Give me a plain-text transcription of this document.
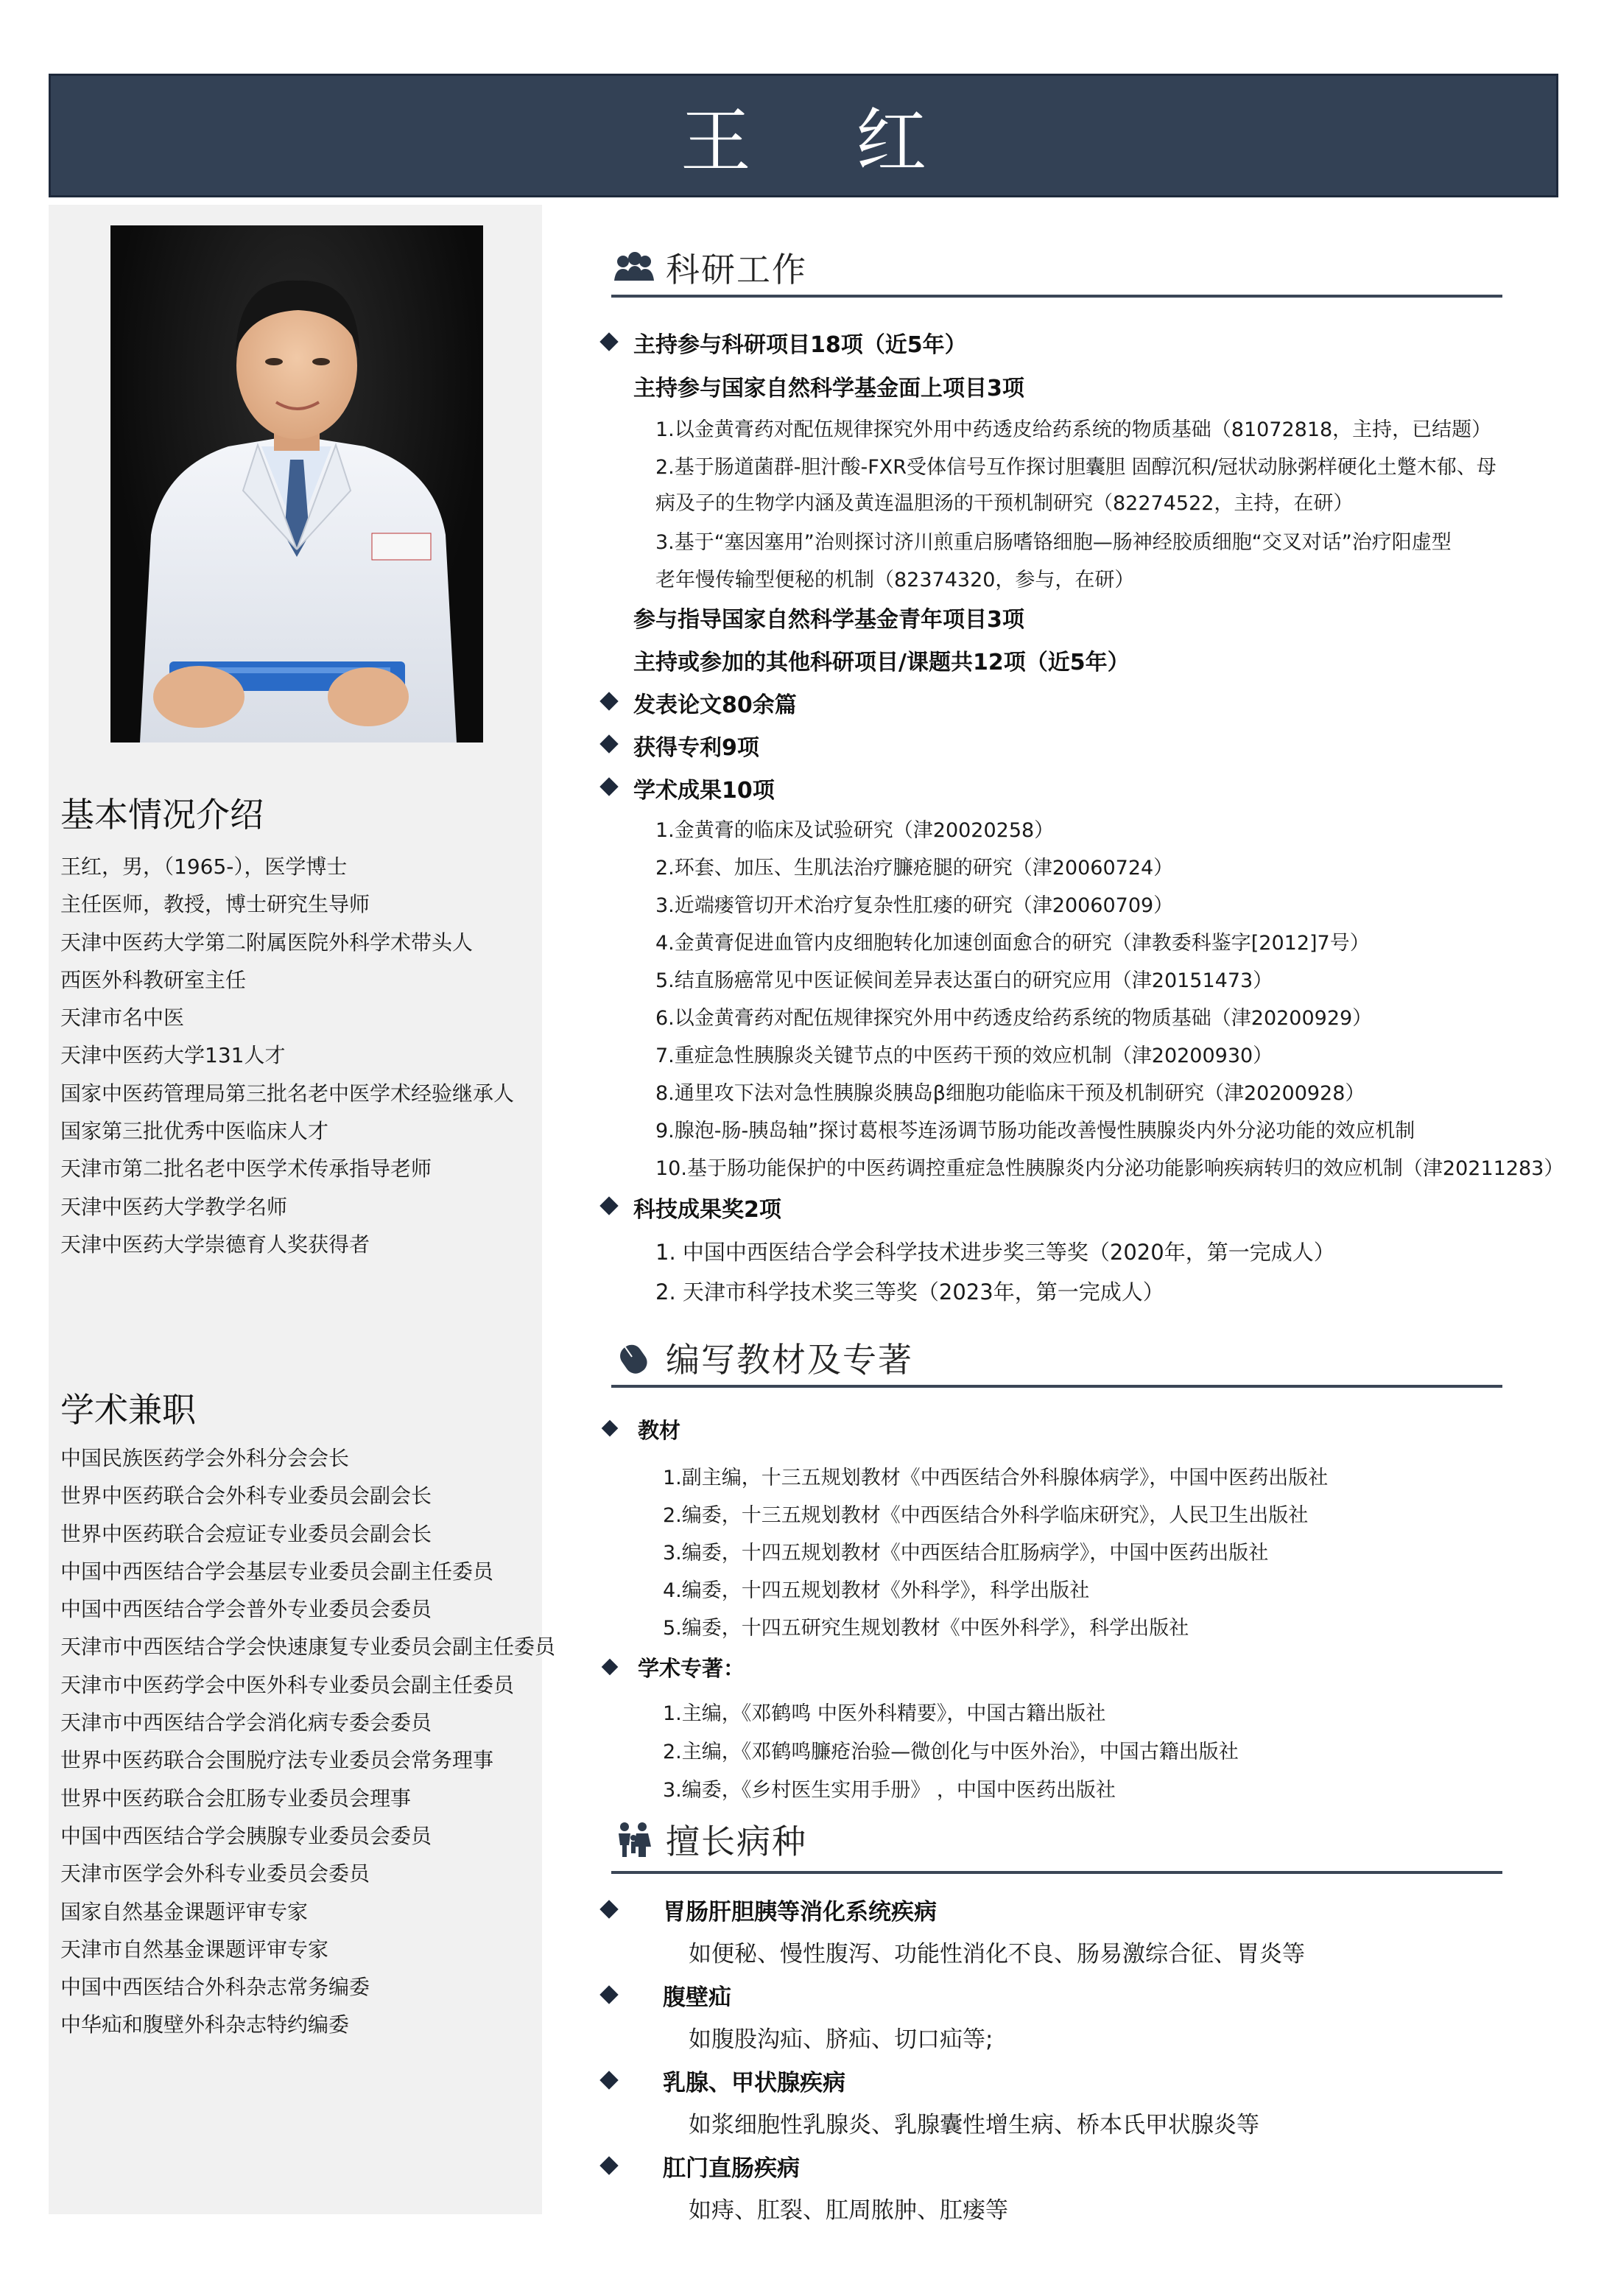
王 红
基本情况介绍
王红，男，（1965-），医学博士
主任医师，教授，博士研究生导师
天津中医药大学第二附属医院外科学术带头人
西医外科教研室主任
天津市名中医
天津中医药大学131人才
国家中医药管理局第三批名老中医学术经验继承人
国家第三批优秀中医临床人才
天津市第二批名老中医学术传承指导老师
天津中医药大学教学名师
天津中医药大学崇德育人奖获得者
学术兼职
中国民族医药学会外科分会会长
世界中医药联合会外科专业委员会副会长
世界中医药联合会痘证专业委员会副会长
中国中西医结合学会基层专业委员会副主任委员
中国中西医结合学会普外专业委员会委员
天津市中西医结合学会快速康复专业委员会副主任委员
天津市中医药学会中医外科专业委员会副主任委员
天津市中西医结合学会消化病专委会委员
世界中医药联合会围脱疗法专业委员会常务理事
世界中医药联合会肛肠专业委员会理事
中国中西医结合学会胰腺专业委员会委员
天津市医学会外科专业委员会委员
国家自然基金课题评审专家
天津市自然基金课题评审专家
中国中西医结合外科杂志常务编委
中华疝和腹壁外科杂志特约编委
科研工作
主持参与科研项目18项（近5年）
主持参与国家自然科学基金面上项目3项
1.以金黄膏药对配伍规律探究外用中药透皮给药系统的物质基础（81072818，主持，已结题）
2.基于肠道菌群-胆汁酸-FXR受体信号互作探讨胆囊胆 固醇沉积/冠状动脉粥样硬化土蹩木郁、母
病及子的生物学内涵及黄连温胆汤的干预机制研究（82274522，主持，在研）
3.基于“塞因塞用”治则探讨济川煎重启肠嗜铬细胞—肠神经胶质细胞“交叉对话”治疗阳虚型
老年慢传输型便秘的机制（82374320，参与，在研）
参与指导国家自然科学基金青年项目3项
主持或参加的其他科研项目/课题共12项（近5年）
发表论文80余篇
获得专利9项
学术成果10项
1.金黄膏的临床及试验研究（津20020258）
2.环套、加压、生肌法治疗臁疮腿的研究（津20060724）
3.近端瘘管切开术治疗复杂性肛瘘的研究（津20060709）
4.金黄膏促进血管内皮细胞转化加速创面愈合的研究（津教委科鉴字[2012]7号）
5.结直肠癌常见中医证候间差异表达蛋白的研究应用（津20151473）
6.以金黄膏药对配伍规律探究外用中药透皮给药系统的物质基础（津20200929）
7.重症急性胰腺炎关键节点的中医药干预的效应机制（津20200930）
8.通里攻下法对急性胰腺炎胰岛β细胞功能临床干预及机制研究（津20200928）
9.腺泡-肠-胰岛轴”探讨葛根芩连汤调节肠功能改善慢性胰腺炎内外分泌功能的效应机制
10.基于肠功能保护的中医药调控重症急性胰腺炎内分泌功能影响疾病转归的效应机制（津20211283）
科技成果奖2项
1. 中国中西医结合学会科学技术进步奖三等奖（2020年，第一完成人）
2. 天津市科学技术奖三等奖（2023年，第一完成人）
编写教材及专著
教材
1.副主编，十三五规划教材《中西医结合外科腺体病学》，中国中医药出版社
2.编委，十三五规划教材《中西医结合外科学临床研究》，人民卫生出版社
3.编委，十四五规划教材《中西医结合肛肠病学》，中国中医药出版社
4.编委，十四五规划教材《外科学》，科学出版社
5.编委，十四五研究生规划教材《中医外科学》，科学出版社
学术专著：
1.主编，《邓鹤鸣 中医外科精要》，中国古籍出版社
2.主编，《邓鹤鸣臁疮治验—微创化与中医外治》，中国古籍出版社
3.编委，《乡村医生实用手册》 ，中国中医药出版社
擅长病种
胃肠肝胆胰等消化系统疾病
如便秘、慢性腹泻、功能性消化不良、肠易激综合征、胃炎等
腹壁疝
如腹股沟疝、脐疝、切口疝等;
乳腺、甲状腺疾病
如浆细胞性乳腺炎、乳腺囊性增生病、桥本氏甲状腺炎等
肛门直肠疾病
如痔、肛裂、肛周脓肿、肛瘘等
